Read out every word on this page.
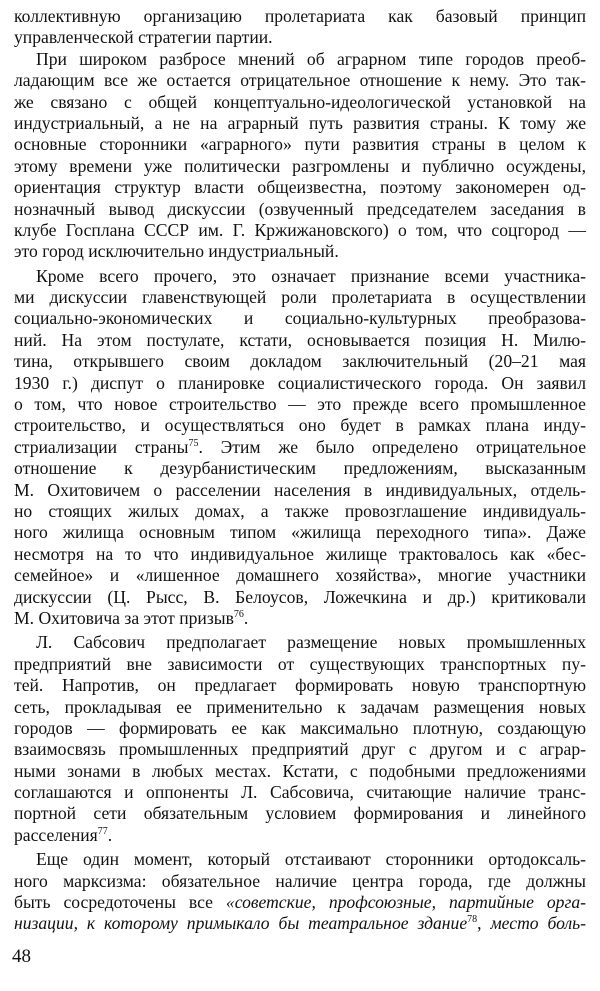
коллективную организацию пролетариата как базовый принцип
управленческой стратегии партии.
При широком разбросе мнений об аграрном типе городов преоб-
ладающим все же остается отрицательное отношение к нему. Это так-
же связано с общей концептуально-идеологической установкой на
индустриальный, а не на аграрный путь развития страны. К тому же
основные сторонники «аграрного» пути развития страны в целом к
этому времени уже политически разгромлены и публично осуждены,
ориентация структур власти общеизвестна, поэтому закономерен од-
нозначный вывод дискуссии (озвученный председателем заседания в
клубе Госплана СССР им. Г. Кржижановского) о том, что соцгород —
это город исключительно индустриальный.
Кроме всего прочего, это означает признание всеми участника-
ми дискуссии главенствующей роли пролетариата в осуществлении
социально-экономических и социально-культурных преобразова-
ний. На этом постулате, кстати, основывается позиция Н. Милю-
тина, открывшего своим докладом заключительный (20–21 мая
1930 г.) диспут о планировке социалистического города. Он заявил
о том, что новое строительство — это прежде всего промышленное
строительство, и осуществляться оно будет в рамках плана инду-
стриализации страны$^{75}$. Этим же было определено отрицательное
отношение к дезурбанистическим предложениям, высказанным
М. Охитовичем о расселении населения в индивидуальных, отдель-
но стоящих жилых домах, а также провозглашение индивидуаль-
ного жилища основным типом «жилища переходного типа». Даже
несмотря на то что индивидуальное жилище трактовалось как «бес-
семейное» и «лишенное домашнего хозяйства», многие участники
дискуссии (Ц. Рысс, В. Белоусов, Ложечкина и др.) критиковали
М. Охитовича за этот призыв$^{76}$.
Л. Сабсович предполагает размещение новых промышленных
предприятий вне зависимости от существующих транспортных пу-
тей. Напротив, он предлагает формировать новую транспортную
сеть, прокладывая ее применительно к задачам размещения новых
городов — формировать ее как максимально плотную, создающую
взаимосвязь промышленных предприятий друг с другом и с аграр-
ными зонами в любых местах. Кстати, с подобными предложениями
соглашаются и оппоненты Л. Сабсовича, считающие наличие транс-
портной сети обязательным условием формирования и линейного
расселения$^{77}$.
Еще один момент, который отстаивают сторонники ортодоксаль-
ного марксизма: обязательное наличие центра города, где должны
быть сосредоточены все «советские, профсоюзные, партийные орга-
низации, к которому примыкало бы театральное здание$^{78}$, место боль-
48
